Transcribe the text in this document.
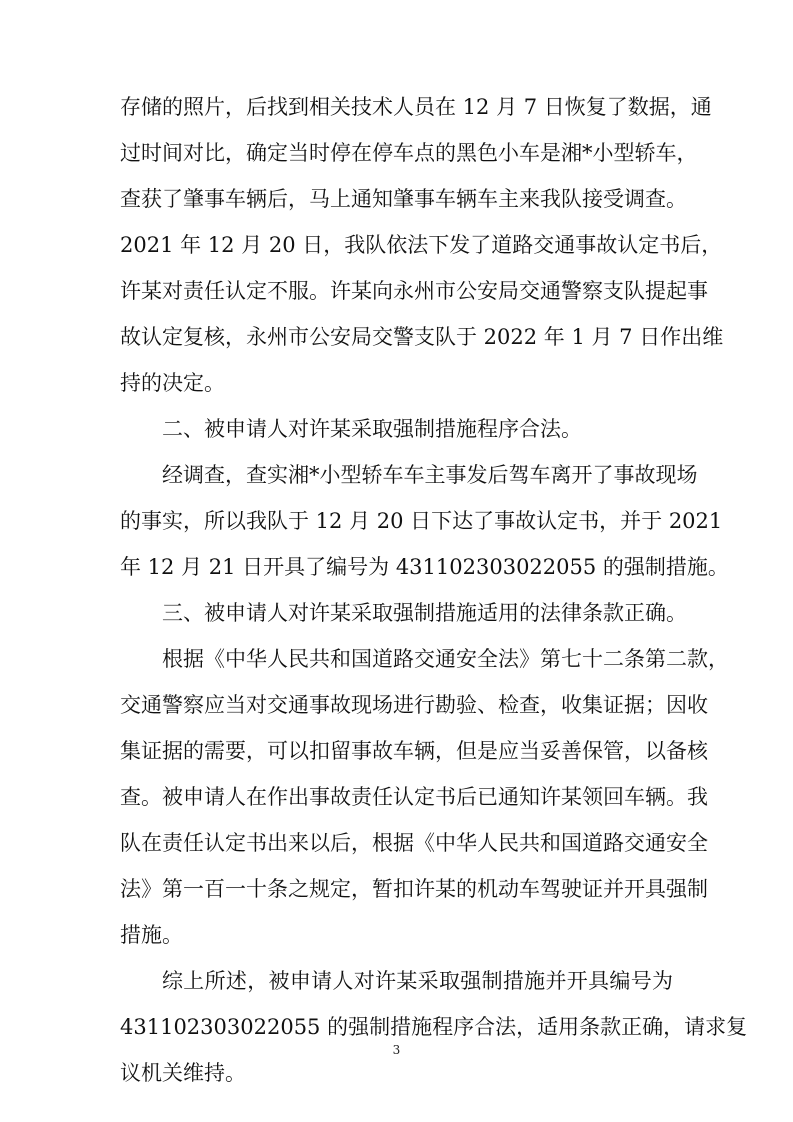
存储的照片，后找到相关技术人员在 12 月 7 日恢复了数据，通
过时间对比，确定当时停在停车点的黑色小车是湘*小型轿车，
查获了肇事车辆后，马上通知肇事车辆车主来我队接受调查。
2021 年 12 月 20 日，我队依法下发了道路交通事故认定书后，
许某对责任认定不服。许某向永州市公安局交通警察支队提起事
故认定复核，永州市公安局交警支队于 2022 年 1 月 7 日作出维
持的决定。
二、被申请人对许某采取强制措施程序合法。
经调查，查实湘*小型轿车车主事发后驾车离开了事故现场
的事实，所以我队于 12 月 20 日下达了事故认定书，并于 2021
年 12 月 21 日开具了编号为 431102303022055 的强制措施。
三、被申请人对许某采取强制措施适用的法律条款正确。
根据《中华人民共和国道路交通安全法》第七十二条第二款，
交通警察应当对交通事故现场进行勘验、检查，收集证据；因收
集证据的需要，可以扣留事故车辆，但是应当妥善保管，以备核
查。被申请人在作出事故责任认定书后已通知许某领回车辆。我
队在责任认定书出来以后，根据《中华人民共和国道路交通安全
法》第一百一十条之规定，暂扣许某的机动车驾驶证并开具强制
措施。
3
综上所述，被申请人对许某采取强制措施并开具编号为
431102303022055 的强制措施程序合法，适用条款正确，请求复
议机关维持。
